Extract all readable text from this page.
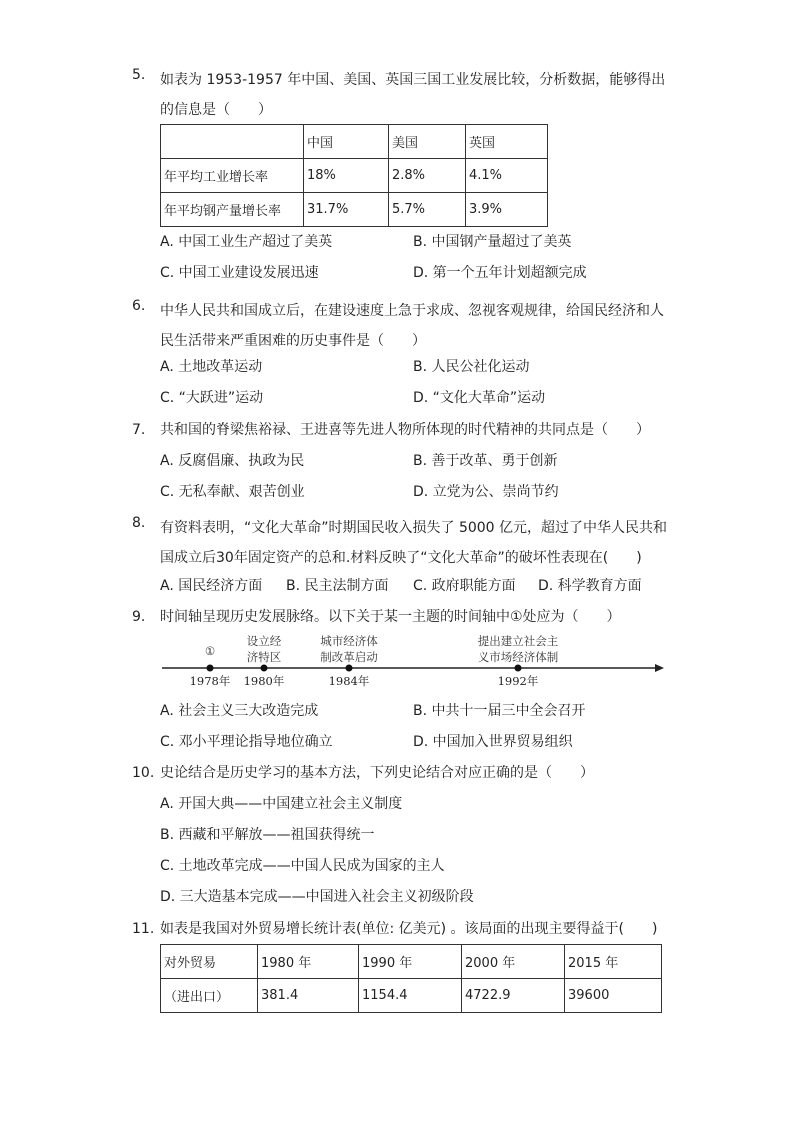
5.	如表为 1953-1957 年中国、美国、英国三国工业发展比较，分析数据，能够得出的信息是（　　）
	中国	美国	英国
年平均工业增长率	18%	2.8%	4.1%
年平均钢产量增长率	31.7%	5.7%	3.9%
A. 中国工业生产超过了美英	B. 中国钢产量超过了美英
C. 中国工业建设发展迅速	D. 第一个五年计划超额完成
6.	中华人民共和国成立后，在建设速度上急于求成、忽视客观规律，给国民经济和人民生活带来严重困难的历史事件是（　　）
A. 土地改革运动	B. 人民公社化运动
C. “大跃进”运动	D. “文化大革命”运动
7.	共和国的脊梁焦裕禄、王进喜等先进人物所体现的时代精神的共同点是（　　）
A. 反腐倡廉、执政为民	B. 善于改革、勇于创新
C. 无私奉献、艰苦创业	D. 立党为公、崇尚节约
8.	有资料表明，“文化大革命”时期国民收入损失了 5000 亿元，超过了中华人民共和国成立后30年固定资产的总和.材料反映了“文化大革命”的破坏性表现在(　　)
A. 国民经济方面 B. 民主法制方面 C. 政府职能方面 D. 科学教育方面
9.	时间轴呈现历史发展脉络。以下关于某一主题的时间轴中①处应为（　　）
①
1978年
设立经
济特区
1980年
城市经济体
制改革启动
1984年
提出建立社会主
义市场经济体制
1992年
A. 社会主义三大改造完成	B. 中共十一届三中全会召开
C. 邓小平理论指导地位确立	D. 中国加入世界贸易组织
10. 史论结合是历史学习的基本方法，下列史论结合对应正确的是（　　）
A. 开国大典——中国建立社会主义制度
B. 西藏和平解放——祖国获得统一
C. 土地改革完成——中国人民成为国家的主人
D. 三大造基本完成——中国进入社会主义初级阶段
11. 如表是我国对外贸易增长统计表(单位: 亿美元) 。该局面的出现主要得益于(　　)
对外贸易	1980 年	1990 年	2000 年	2015 年
（进出口）	381.4	1154.4	4722.9	39600
